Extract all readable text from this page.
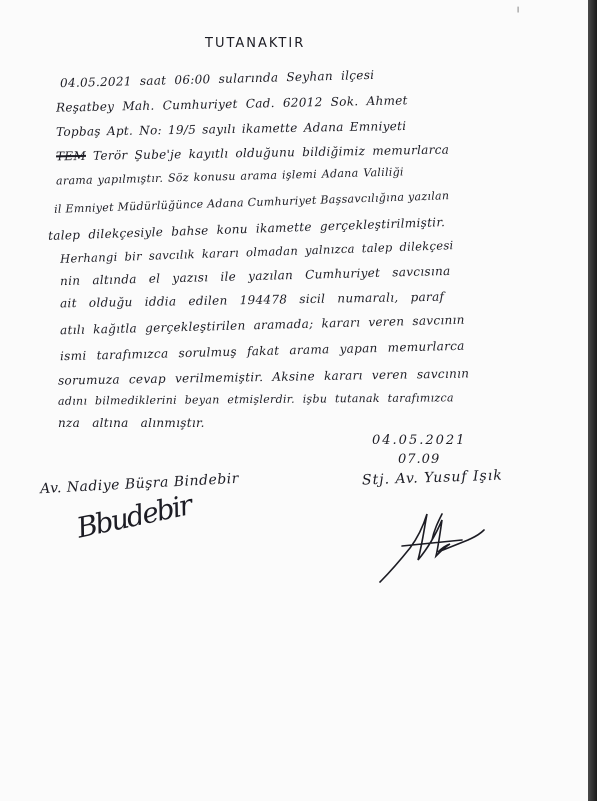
TUTANAKTIR
04.05.2021 saat 06:00 sularında Seyhan ilçesi
Reşatbey Mah. Cumhuriyet Cad. 62012 Sok. Ahmet
Topbaş Apt. No: 19/5 sayılı ikamette Adana Emniyeti
TEM Terör Şube'je kayıtlı olduğunu bildiğimiz memurlarca
arama yapılmıştır. Söz konusu arama işlemi Adana Valiliği
il Emniyet Müdürlüğünce Adana Cumhuriyet Başsavcılığına yazılan
talep dilekçesiyle bahse konu ikamette gerçekleştirilmiştir.
Herhangi bir savcılık kararı olmadan yalnızca talep dilekçesi
nin altında el yazısı ile yazılan Cumhuriyet savcısına
ait olduğu iddia edilen 194478 sicil numaralı, paraf
atılı kağıtla gerçekleştirilen aramada; kararı veren savcının
ismi tarafımızca sorulmuş fakat arama yapan memurlarca
sorumuza cevap verilmemiştir. Aksine kararı veren savcının
adını bilmediklerini beyan etmişlerdir. işbu tutanak tarafımızca
nza altına alınmıştır.
04.05.2021
07.09
Av. Nadiye Büşra Bindebir	Stj. Av. Yusuf Işık
Bbudebir
╵
